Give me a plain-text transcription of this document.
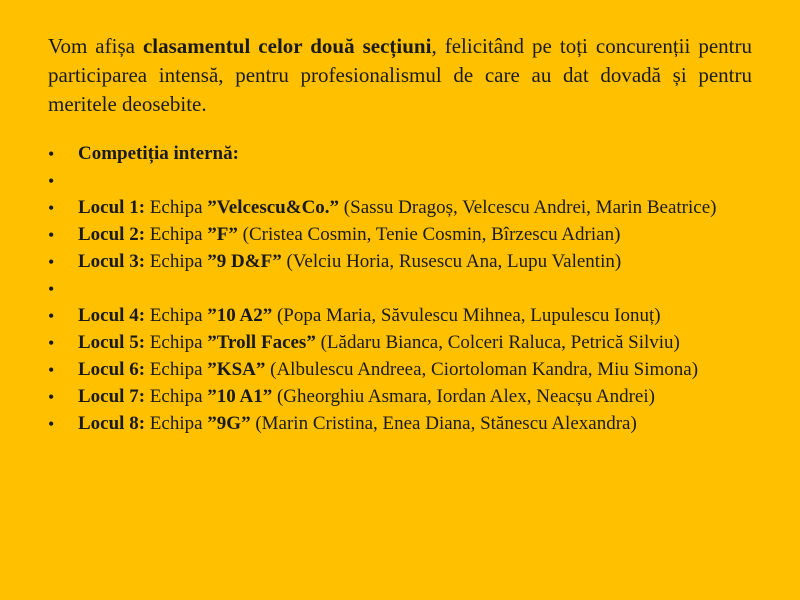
Vom afișa clasamentul celor două secțiuni, felicitând pe toți concurenții pentru participarea intensă, pentru profesionalismul de care au dat dovadă și pentru meritele deosebite.

• Competiția internă:
•
• Locul 1: Echipa ”Velcescu&Co.” (Sassu Dragoș, Velcescu Andrei, Marin Beatrice)
• Locul 2: Echipa ”F” (Cristea Cosmin, Tenie Cosmin, Bîrzescu Adrian)
• Locul 3: Echipa ”9 D&F” (Velciu Horia, Rusescu Ana, Lupu Valentin)
•
• Locul 4: Echipa ”10 A2” (Popa Maria, Săvulescu Mihnea, Lupulescu Ionuț)
• Locul 5: Echipa ”Troll Faces” (Lădaru Bianca, Colceri Raluca, Petrică Silviu)
• Locul 6: Echipa ”KSA” (Albulescu Andreea, Ciortoloman Kandra, Miu Simona)
• Locul 7: Echipa ”10 A1” (Gheorghiu Asmara, Iordan Alex, Neacșu Andrei)
• Locul 8: Echipa ”9G” (Marin Cristina, Enea Diana, Stănescu Alexandra)
